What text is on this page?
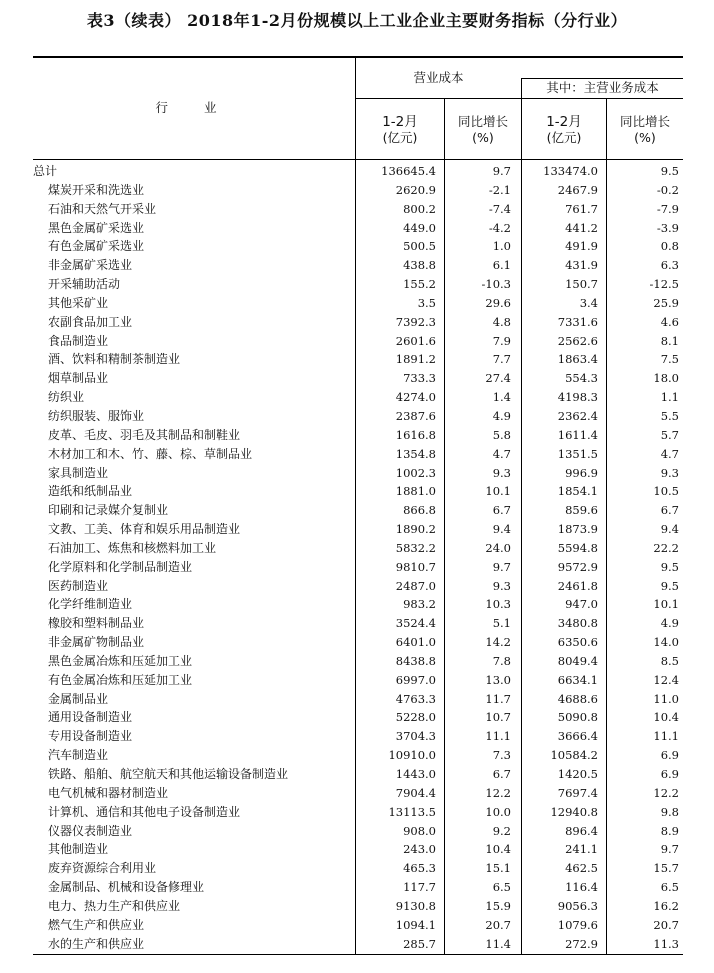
表3（续表） 2018年1-2月份规模以上工业企业主要财务指标（分行业）
行 业
营业成本
其中：主营业务成本
1-2月
(亿元)
同比增长
(%)
1-2月
(亿元)
同比增长
(%)
总计	136645.4	9.7	133474.0	9.5
煤炭开采和洗选业	2620.9	-2.1	2467.9	-0.2
石油和天然气开采业	800.2	-7.4	761.7	-7.9
黑色金属矿采选业	449.0	-4.2	441.2	-3.9
有色金属矿采选业	500.5	1.0	491.9	0.8
非金属矿采选业	438.8	6.1	431.9	6.3
开采辅助活动	155.2	-10.3	150.7	-12.5
其他采矿业	3.5	29.6	3.4	25.9
农副食品加工业	7392.3	4.8	7331.6	4.6
食品制造业	2601.6	7.9	2562.6	8.1
酒、饮料和精制茶制造业	1891.2	7.7	1863.4	7.5
烟草制品业	733.3	27.4	554.3	18.0
纺织业	4274.0	1.4	4198.3	1.1
纺织服装、服饰业	2387.6	4.9	2362.4	5.5
皮革、毛皮、羽毛及其制品和制鞋业	1616.8	5.8	1611.4	5.7
木材加工和木、竹、藤、棕、草制品业	1354.8	4.7	1351.5	4.7
家具制造业	1002.3	9.3	996.9	9.3
造纸和纸制品业	1881.0	10.1	1854.1	10.5
印刷和记录媒介复制业	866.8	6.7	859.6	6.7
文教、工美、体育和娱乐用品制造业	1890.2	9.4	1873.9	9.4
石油加工、炼焦和核燃料加工业	5832.2	24.0	5594.8	22.2
化学原料和化学制品制造业	9810.7	9.7	9572.9	9.5
医药制造业	2487.0	9.3	2461.8	9.5
化学纤维制造业	983.2	10.3	947.0	10.1
橡胶和塑料制品业	3524.4	5.1	3480.8	4.9
非金属矿物制品业	6401.0	14.2	6350.6	14.0
黑色金属冶炼和压延加工业	8438.8	7.8	8049.4	8.5
有色金属冶炼和压延加工业	6997.0	13.0	6634.1	12.4
金属制品业	4763.3	11.7	4688.6	11.0
通用设备制造业	5228.0	10.7	5090.8	10.4
专用设备制造业	3704.3	11.1	3666.4	11.1
汽车制造业	10910.0	7.3	10584.2	6.9
铁路、船舶、航空航天和其他运输设备制造业	1443.0	6.7	1420.5	6.9
电气机械和器材制造业	7904.4	12.2	7697.4	12.2
计算机、通信和其他电子设备制造业	13113.5	10.0	12940.8	9.8
仪器仪表制造业	908.0	9.2	896.4	8.9
其他制造业	243.0	10.4	241.1	9.7
废弃资源综合利用业	465.3	15.1	462.5	15.7
金属制品、机械和设备修理业	117.7	6.5	116.4	6.5
电力、热力生产和供应业	9130.8	15.9	9056.3	16.2
燃气生产和供应业	1094.1	20.7	1079.6	20.7
水的生产和供应业	285.7	11.4	272.9	11.3
